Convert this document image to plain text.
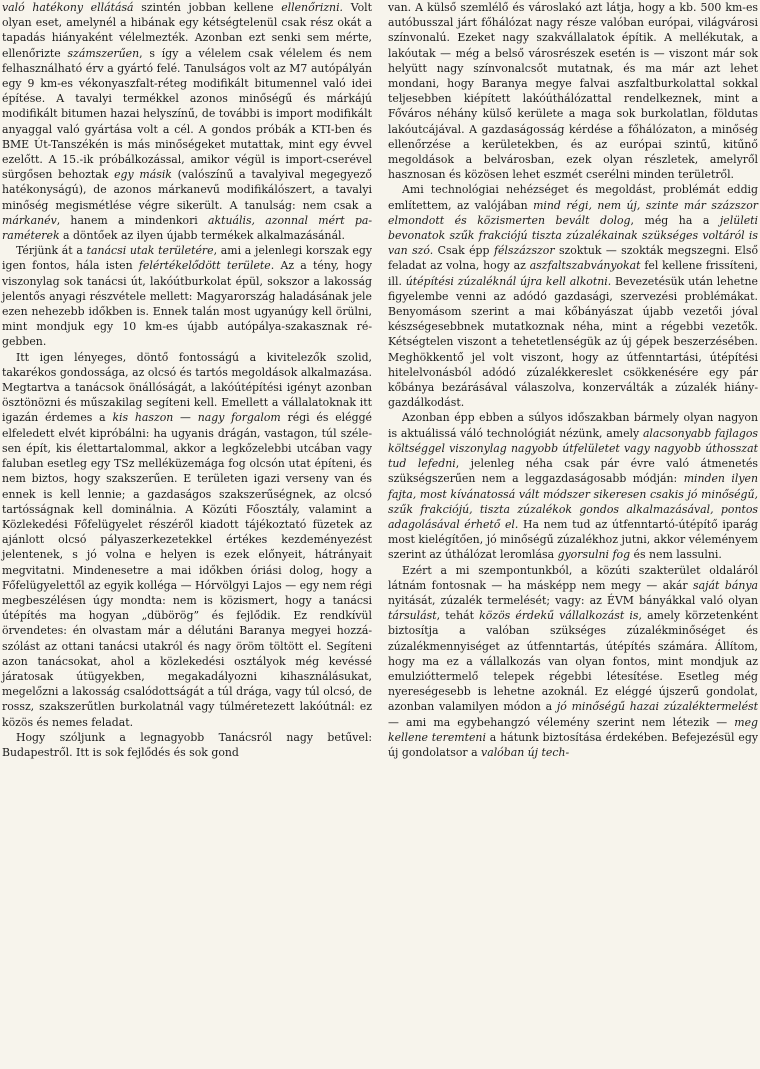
való hatékony ellátásá szintén jobban kellene ellenőrizni. Volt olyan eset, amelynél a hibának egy kétségtelenül csak rész okát a tapadás hiányaként vélelmezték. Azonban ezt senki sem mérte, ellenőrizte számszerűen, s így a vélelem csak vélelem és nem felhasználható érv a gyártó felé. Tanulságos volt az M7 autópályán egy 9 km-es vékonyaszfalt-réteg modifikált bitumennel való idei építése. A tavalyi termékkel azonos minőségű és márkájú modifikált bitumen hazai helyszínű, de további is import modifikált anyaggal való gyártása volt a cél. A gondos próbák a KTI-ben és BME Út-Tanszékén is más minőségeket mutattak, mint egy évvel ezelőtt. A 15.-ik próbálkozással, amikor végül is import-cserével sürgősen behoztak egy másik (valószínű a tavalyival megegyező hatékonyságú), de azonos márkanevű modifikálószert, a tavalyi minőség megismétlése végre sikerült. A tanulság: nem csak a márkanév, hanem a mindenkori aktuális, azonnal mért paraméterek a döntőek az ilyen újabb termékek alkalmazásánál.

Térjünk át a tanácsi utak területére, ami a jelenlegi korszak egy igen fontos, hála isten felértékelődött területe. Az a tény, hogy viszonylag sok tanácsi út, lakóútburkolat épül, sokszor a lakosság jelentős anyagi részvétele mellett: Magyarország haladásának jele ezen nehezebb időkben is. Ennek talán most ugyanúgy kell örülni, mint mondjuk egy 10 km-es újabb autópálya-szakasznak régebben.

Itt igen lényeges, döntő fontosságú a kivitelezők szolid, takarékos gondossága, az olcsó és tartós megoldások alkalmazása. Megtartva a tanácsok önállóságát, a lakóútépítési igényt azonban ösztönözni és műszakilag segíteni kell. Emellett a vállalatoknak itt igazán érdemes a kis haszon — nagy forgalom régi és eléggé elfeledett elvét kipróbálni: ha ugyanis drágán, vastagon, túl szélesen épít, kis élettartalommal, akkor a legkőzelebbi utcában vagy faluban esetleg egy TSz melléküzemága fog olcsón utat építeni, és nem biztos, hogy szakszerűen. E területen igazi verseny van és ennek is kell lennie; a gazdaságos szakszerűségnek, az olcsó tartósságnak kell dominálnia. A Közúti Főosztály, valamint a Közlekedési Főfelügyelet részéről kiadott tájékoztató füzetek az ajánlott olcsó pályaszerkezetekkel értékes kezdeményezést jelentenek, s jó volna e helyen is ezek előnyeit, hátrányait megvitatni. Mindenesetre a mai időkben óriási dolog, hogy a Főfelügyelettől az egyik kollégа — Hórvölgyi Lajos — egy nem régi megbeszélésen úgy mondta: nem is közismert, hogy a tanácsi útépítés ma hogyan „dübörög” és fejlődik. Ez rendkívül örvendetes: én olvastam már a délutáni Baranya megyei hozzászólást az ottani tanácsi utakról és nagy öröm töltött el. Segíteni azon tanácsokat, ahol a közlekedési osztályok még kevéssé járatosak útügyekben, megakadályozni kihasználásukat, megelőzni a lakosság csalódottságát a túl drága, vagy túl olcsó, de rossz, szakszerűtlen burkolatnál vagy túlméretezett lakóútnál: ez közös és nemes feladat.

Hogy szóljunk a legnagyobb Tanácsról nagy betűvel: Budapestről. Itt is sok fejlődés és sok gond

van. A külső szemlélő és városlakó azt látja, hogy a kb. 500 km-es autóbusszal járt főhálózat nagy része valóban európai, világvárosi színvonalú. Ezeket nagy szakvállalatok építik. A mellékutak, a lakóutak — még a belső városrészek esetén is — viszont már sok helyütt nagy színvonalcsőt mutatnak, és ma már azt lehet mondani, hogy Baranya megye falvai aszfaltburkolattal sokkal teljesebben kiépített lakóúthálózattal rendelkeznek, mint a Főváros néhány külső kerülete a maga sok burkolatlan, földutas lakóutcájával. A gazdaságosság kérdése a főhálózaton, a minőség ellenőrzése a kerületekben, és az európai szintű, kitűnő megoldások a belvárosban, ezek olyan részletek, amelyről hasznosan és közösen lehet eszmét cserélni minden területről.

Ami technológiai nehézséget és megoldást, problémát eddig említettem, az valójában mind régi, nem új, szinte már százszor elmondott és közismerten bevált dolog, még ha a jelületi bevonatok szűk frakciójú tiszta zúzalékainak szükséges voltáról is van szó. Csak épp félszázszor szoktuk — szokták megszegni. Első feladat az volna, hogy az aszfaltszabványokat fel kellene frissíteni, ill. útépítési zúzaléknál újra kell alkotni. Bevezetésük után lehetne figyelembe venni az adódó gazdasági, szervezési problémákat. Benyomásom szerint a mai kőbányászat újabb vezetői jóval készségesebbnek mutatkoznak néha, mint a régebbi vezetők. Kétségtelen viszont a tehetetlenségük az új gépek beszerzésében. Meghökkentő jel volt viszont, hogy az útfenntartási, útépítési hitelelvonásból adódó zúzalékkereslet csökkenésére egy pár kőbánya bezárásával válaszolva, konzerválták a zúzalék hiány-gazdálkodást.

Azonban épp ebben a súlyos időszakban bármely olyan nagyon is aktuálissá váló technológiát nézünk, amely alacsonyabb fajlagos költséggel viszonylag nagyobb útfelületet vagy nagyobb úthosszat tud lefedni, jelenleg néha csak pár évre való átmenetés szükségszerűen nem a leggazdaságosabb módján: minden ilyen fajta, most kívánatossá vált módszer sikeresen csakis jó minőségű, szűk frakciójú, tiszta zúzalékok gondos alkalmazásával, pontos adagolásával érhető el. Ha nem tud az útfenntartó-útépítő iparág most kielégítően, jó minőségű zúzalékhoz jutni, akkor véleményem szerint az úthálózat leromlása gyorsulni fog és nem lassulni.

Ezért a mi szempontunkból, a közúti szakterület oldaláról látnám fontosnak — ha másképp nem megy — akár saját bánya nyitását, zúzalék termelését; vagy: az ÉVM bányákkal való olyan társulást, tehát közös érdekű vállalkozást is, amely körzetenként biztosítja a valóban szükséges zúzalékminőséget és zúzalékmennyiséget az útfenntartás, útépítés számára. Állítom, hogy ma ez a vállalkozás van olyan fontos, mint mondjuk az emulzióttermelő telepek régebbi létesítése. Esetleg még nyereségesebb is lehetne azoknál. Ez eléggé újszerű gondolat, azonban valamilyen módon a jó minőségű hazai zúzaléktermelést — ami ma egybehangzó vélemény szerint nem létezik — meg kellene teremteni a hátunk biztosítása érdekében. Befejezésül egy új gondolatsor a valóban új tech-
